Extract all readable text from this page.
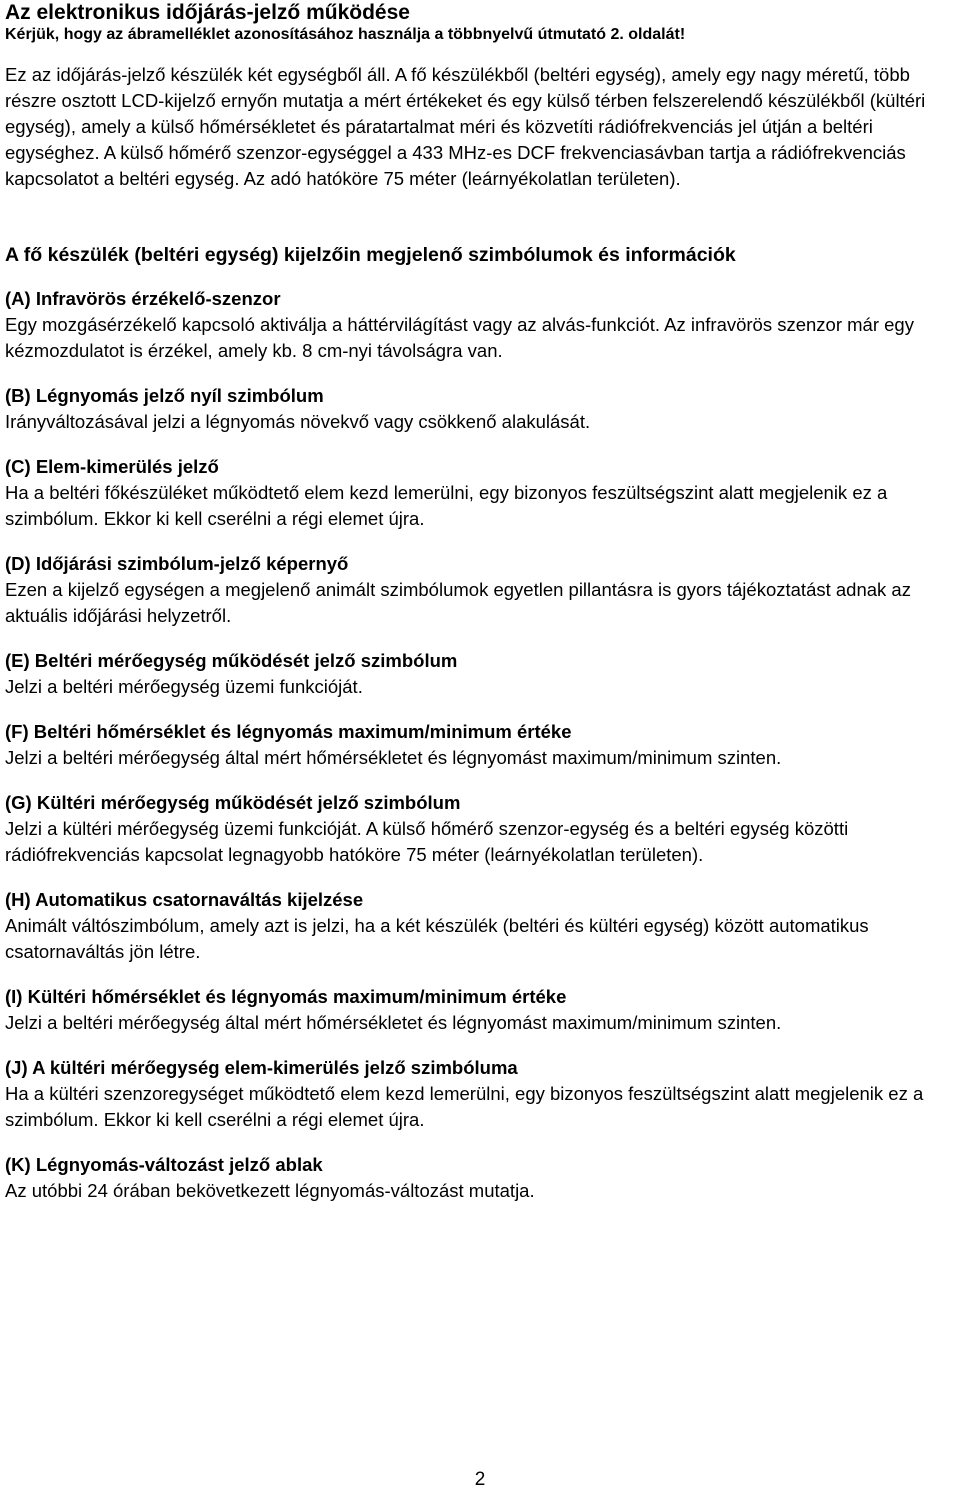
Az elektronikus időjárás-jelző működése

Kérjük, hogy az ábramelléklet azonosításához használja a többnyelvű útmutató 2. oldalát!

Ez az időjárás-jelző készülék két egységből áll. A fő készülékből (beltéri egység), amely egy nagy méretű, több részre osztott LCD-kijelző ernyőn mutatja a mért értékeket és egy külső térben felszerelendő készülékből (kültéri egység), amely a külső hőmérsékletet és páratartalmat méri és közvetíti rádiófrekvenciás jel útján a beltéri egységhez. A külső hőmérő szenzor-egységgel a 433 MHz-es DCF frekvenciasávban tartja a rádiófrekvenciás kapcsolatot a beltéri egység. Az adó hatóköre 75 méter (leárnyékolatlan területen).

A fő készülék (beltéri egység) kijelzőin megjelenő szimbólumok és információk

(A) Infravörös érzékelő-szenzor

Egy mozgásérzékelő kapcsoló aktiválja a háttérvilágítást vagy az alvás-funkciót. Az infravörös szenzor már egy kézmozdulatot is érzékel, amely kb. 8 cm-nyi távolságra van.

(B) Légnyomás jelző nyíl szimbólum

Irányváltozásával jelzi a légnyomás növekvő vagy csökkenő alakulását.

(C) Elem-kimerülés jelző

Ha a beltéri főkészüléket működtető elem kezd lemerülni, egy bizonyos feszültségszint alatt megjelenik ez a szimbólum. Ekkor ki kell cserélni a régi elemet újra.

(D) Időjárási szimbólum-jelző képernyő

Ezen a kijelző egységen a megjelenő animált szimbólumok egyetlen pillantásra is gyors tájékoztatást adnak az aktuális időjárási helyzetről.

(E) Beltéri mérőegység működését jelző szimbólum

Jelzi a beltéri mérőegység üzemi funkcióját.

(F) Beltéri hőmérséklet és légnyomás maximum/minimum értéke

Jelzi a beltéri mérőegység által mért hőmérsékletet és légnyomást maximum/minimum szinten.

(G) Kültéri mérőegység működését jelző szimbólum

Jelzi a kültéri mérőegység üzemi funkcióját. A külső hőmérő szenzor-egység és a beltéri egység közötti rádiófrekvenciás kapcsolat legnagyobb hatóköre 75 méter (leárnyékolatlan területen).

(H) Automatikus csatornaváltás kijelzése

Animált váltószimbólum, amely azt is jelzi, ha a két készülék (beltéri és kültéri egység) között automatikus csatornaváltás jön létre.

(I) Kültéri hőmérséklet és légnyomás maximum/minimum értéke

Jelzi a beltéri mérőegység által mért hőmérsékletet és légnyomást maximum/minimum szinten.

(J) A kültéri mérőegység elem-kimerülés jelző szimbóluma

Ha a kültéri szenzoregységet működtető elem kezd lemerülni, egy bizonyos feszültségszint alatt megjelenik ez a szimbólum. Ekkor ki kell cserélni a régi elemet újra.

(K) Légnyomás-változást jelző ablak

Az utóbbi 24 órában bekövetkezett légnyomás-változást mutatja.

2
